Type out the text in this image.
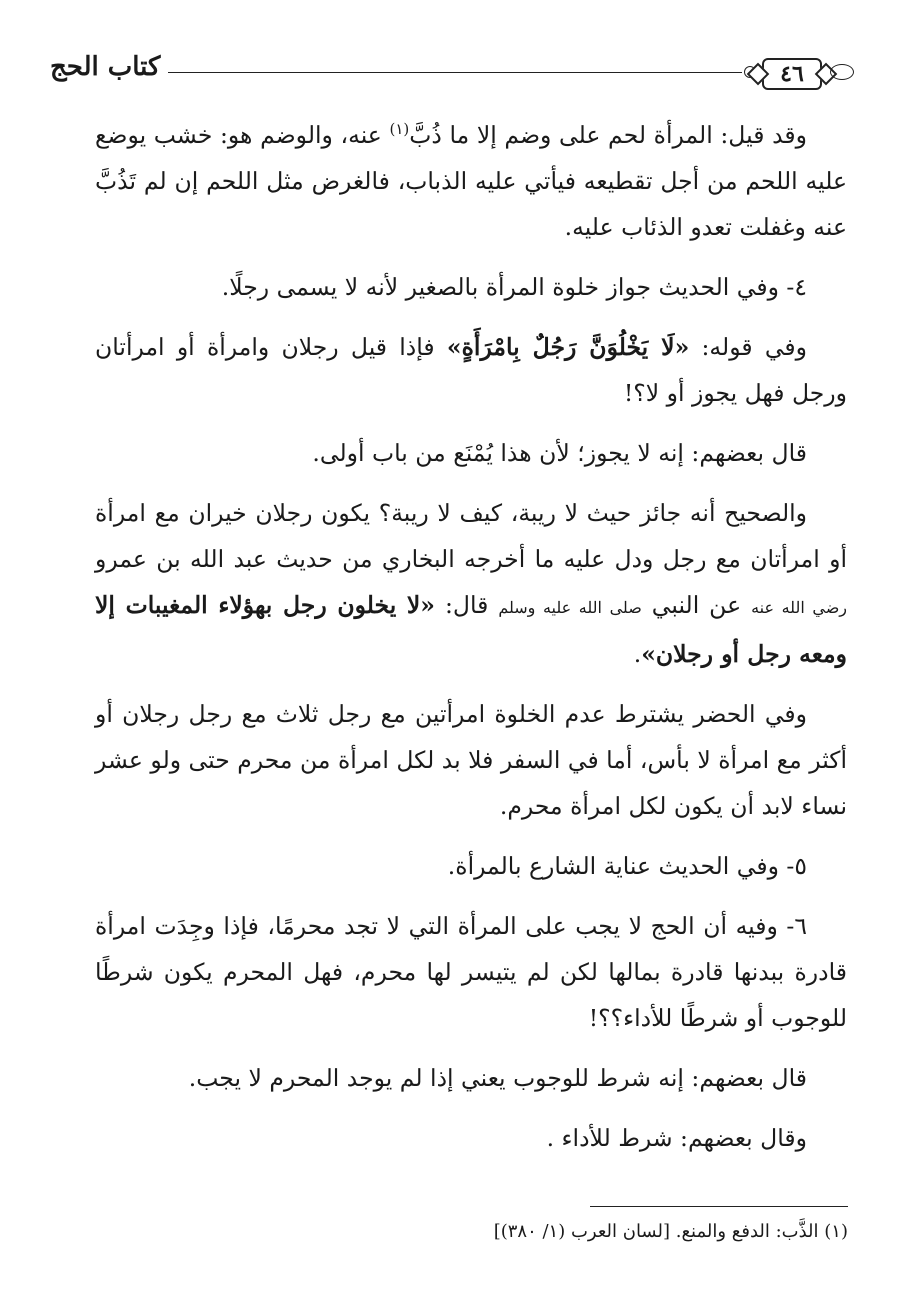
كتاب الحج	٤٦

وقد قيل: المرأة لحم على وضم إلا ما ذُبَّ$^{(١)}$ عنه، والوضم هو: خشب يوضع عليه اللحم من أجل تقطيعه فيأتي عليه الذباب، فالغرض مثل اللحم إن لم تَذُبَّ عنه وغفلت تعدو الذئاب عليه.

٤- وفي الحديث جواز خلوة المرأة بالصغير لأنه لا يسمى رجلًا.

وفي قوله: «لَا يَخْلُوَنَّ رَجُلٌ بِامْرَأَةٍ» فإذا قيل رجلان وامرأة أو امرأتان ورجل فهل يجوز أو لا؟!

قال بعضهم: إنه لا يجوز؛ لأن هذا يُمْنَع من باب أولى.

والصحيح أنه جائز حيث لا ريبة، كيف لا ريبة؟ يكون رجلان خيران مع امرأة أو امرأتان مع رجل ودل عليه ما أخرجه البخاري من حديث عبد الله بن عمرو رضي الله عنه عن النبي صلى الله عليه وسلم قال: «لا يخلون رجل بهؤلاء المغيبات إلا ومعه رجل أو رجلان».

وفي الحضر يشترط عدم الخلوة امرأتين مع رجل ثلاث مع رجل رجلان أو أكثر مع امرأة لا بأس، أما في السفر فلا بد لكل امرأة من محرم حتى ولو عشر نساء لابد أن يكون لكل امرأة محرم.

٥- وفي الحديث عناية الشارع بالمرأة.

٦- وفيه أن الحج لا يجب على المرأة التي لا تجد محرمًا، فإذا وجِدَت امرأة قادرة ببدنها قادرة بمالها لكن لم يتيسر لها محرم، فهل المحرم يكون شرطًا للوجوب أو شرطًا للأداء؟؟!

قال بعضهم: إنه شرط للوجوب يعني إذا لم يوجد المحرم لا يجب.

وقال بعضهم: شرط للأداء .

(١) الذَّب: الدفع والمنع. [لسان العرب (١/ ٣٨٠)]
